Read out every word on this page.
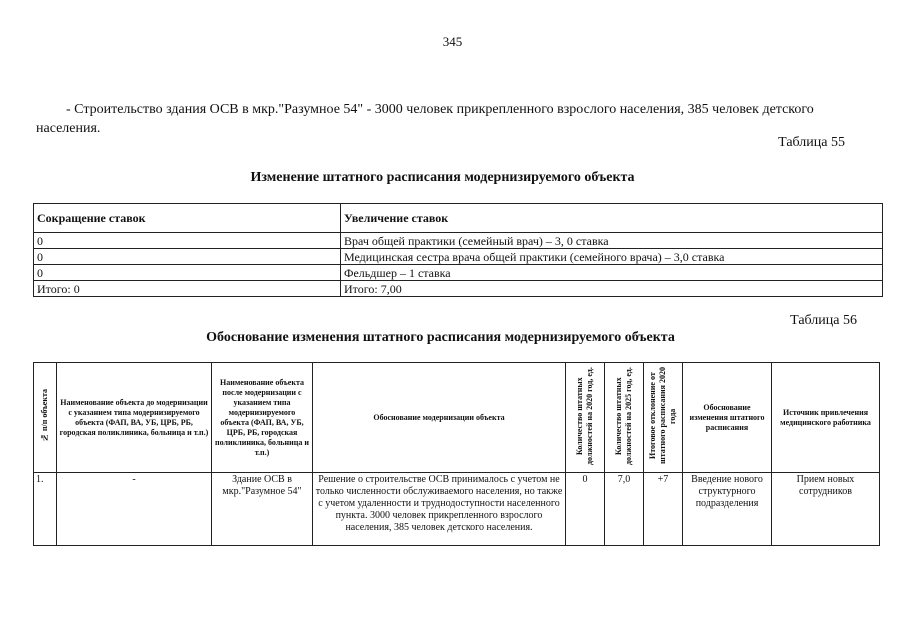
345
- Строительство здания ОСВ в мкр."Разумное 54" - 3000 человек прикрепленного взрослого населения, 385 человек детского населения.
Таблица 55
Изменение штатного расписания модернизируемого объекта
Сокращение ставок	Увеличение ставок
0	Врач общей практики (семейный врач) – 3, 0 ставка
0	Медицинская сестра врача общей практики (семейного врача) – 3,0 ставка
0	Фельдшер – 1 ставка
Итого: 0	Итого: 7,00
Таблица 56
Обоснование изменения штатного расписания модернизируемого объекта
№ п/п объекта	Наименование объекта до модернизации с указанием типа модернизируемого объекта (ФАП, ВА, УБ, ЦРБ, РБ, городская поликлиника, больница и т.п.)	Наименование объекта после модернизации с указанием типа модернизируемого объекта (ФАП, ВА, УБ, ЦРБ, РБ, городская поликлиника, больница и т.п.)	Обоснование модернизации объекта	Количество штатных должностей на 2020 год, ед.	Количество штатных должностей на 2025 год, ед.	Итоговое отклонение от штатного расписания 2020 года	Обоснование изменения штатного расписания	Источник привлечения медицинского работника
1.	-	Здание ОСВ в мкр."Разумное 54"	Решение о строительстве ОСВ принималось с учетом не только численности обслуживаемого населения, но также с учетом удаленности и труднодоступности населенного пункта. 3000 человек прикрепленного взрослого населения, 385 человек детского населения.	0	7,0	+7	Введение нового структурного подразделения	Прием новых сотрудников
